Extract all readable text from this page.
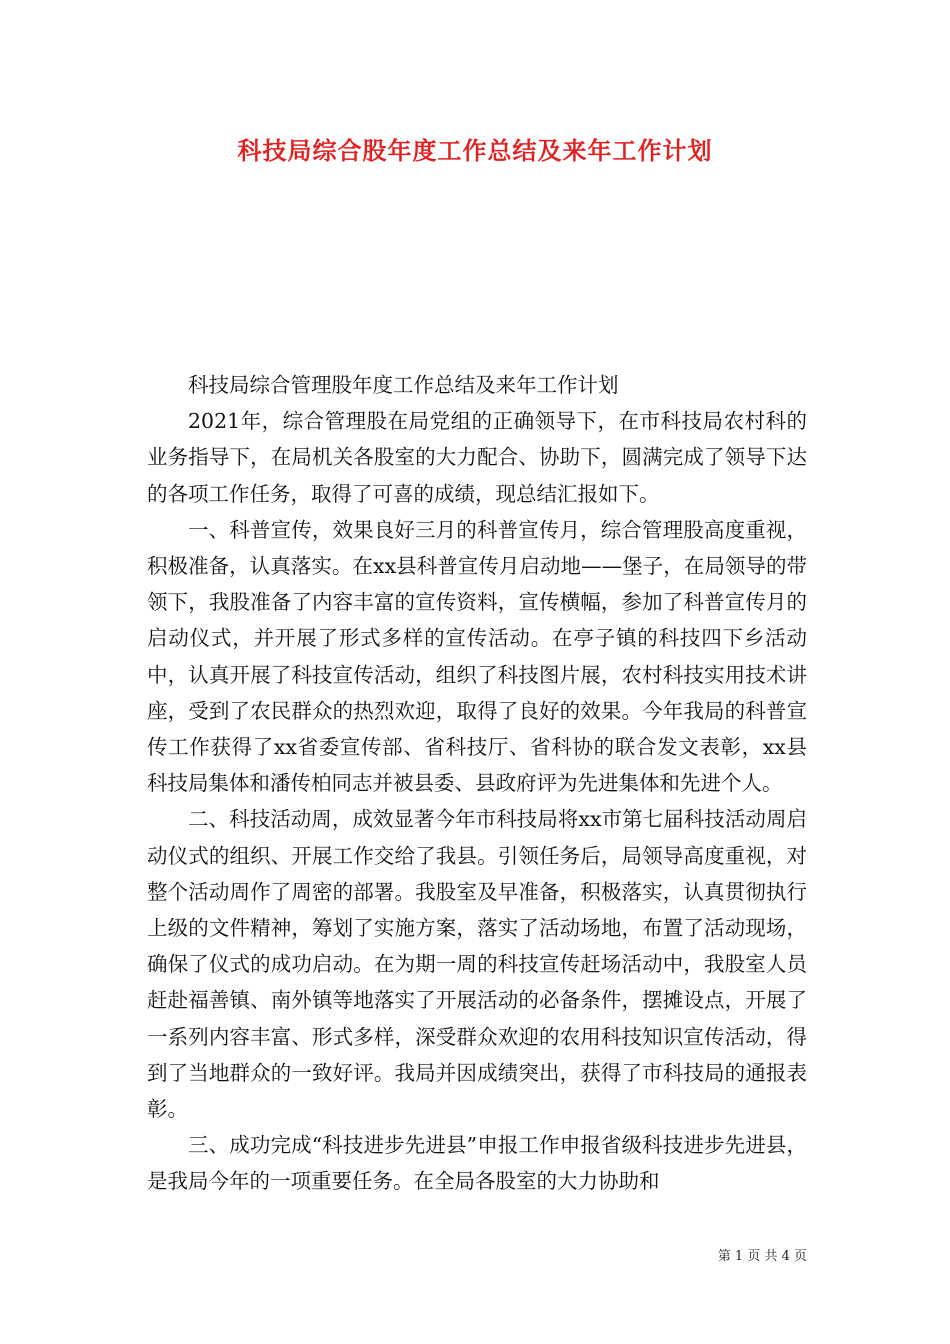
科技局综合股年度工作总结及来年工作计划

科技局综合管理股年度工作总结及来年工作计划

2021年，综合管理股在局党组的正确领导下，在市科技局农村科的业务指导下，在局机关各股室的大力配合、协助下，圆满完成了领导下达的各项工作任务，取得了可喜的成绩，现总结汇报如下。

一、科普宣传，效果良好三月的科普宣传月，综合管理股高度重视，积极准备，认真落实。在xx县科普宣传月启动地——堡子，在局领导的带领下，我股准备了内容丰富的宣传资料，宣传横幅，参加了科普宣传月的启动仪式，并开展了形式多样的宣传活动。在亭子镇的科技四下乡活动中，认真开展了科技宣传活动，组织了科技图片展，农村科技实用技术讲座，受到了农民群众的热烈欢迎，取得了良好的效果。今年我局的科普宣传工作获得了xx省委宣传部、省科技厅、省科协的联合发文表彰，xx县科技局集体和潘传柏同志并被县委、县政府评为先进集体和先进个人。

二、科技活动周，成效显著今年市科技局将xx市第七届科技活动周启动仪式的组织、开展工作交给了我县。引领任务后，局领导高度重视，对整个活动周作了周密的部署。我股室及早准备，积极落实，认真贯彻执行上级的文件精神，筹划了实施方案，落实了活动场地，布置了活动现场，确保了仪式的成功启动。在为期一周的科技宣传赶场活动中，我股室人员赶赴福善镇、南外镇等地落实了开展活动的必备条件，摆摊设点，开展了一系列内容丰富、形式多样，深受群众欢迎的农用科技知识宣传活动，得到了当地群众的一致好评。我局并因成绩突出，获得了市科技局的通报表彰。

三、成功完成“科技进步先进县”申报工作申报省级科技进步先进县，是我局今年的一项重要任务。在全局各股室的大力协助和

第 1 页 共 4 页
